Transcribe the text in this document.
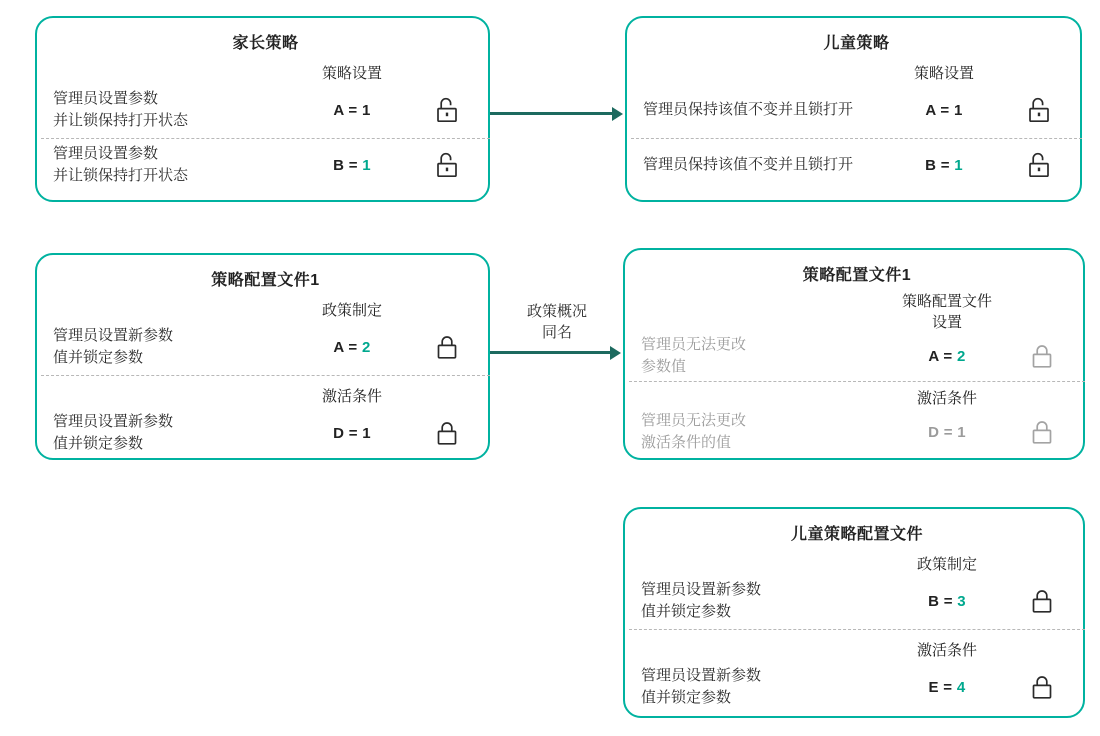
政策概况
同名
家长策略
策略设置
管理员设置参数
并让锁保持打开状态
A = 1
管理员设置参数
并让锁保持打开状态
B = 1
儿童策略
策略设置
管理员保持该值不变并且锁打开	A = 1
管理员保持该值不变并且锁打开	B = 1
策略配置文件1
政策制定
管理员设置新参数
值并锁定参数
A = 2
激活条件
管理员设置新参数
值并锁定参数
D = 1
策略配置文件1
策略配置文件
设置
管理员无法更改
参数值
A = 2
激活条件
管理员无法更改
激活条件的值
D = 1
儿童策略配置文件
政策制定
管理员设置新参数
值并锁定参数
B = 3
激活条件
管理员设置新参数
值并锁定参数
E = 4
